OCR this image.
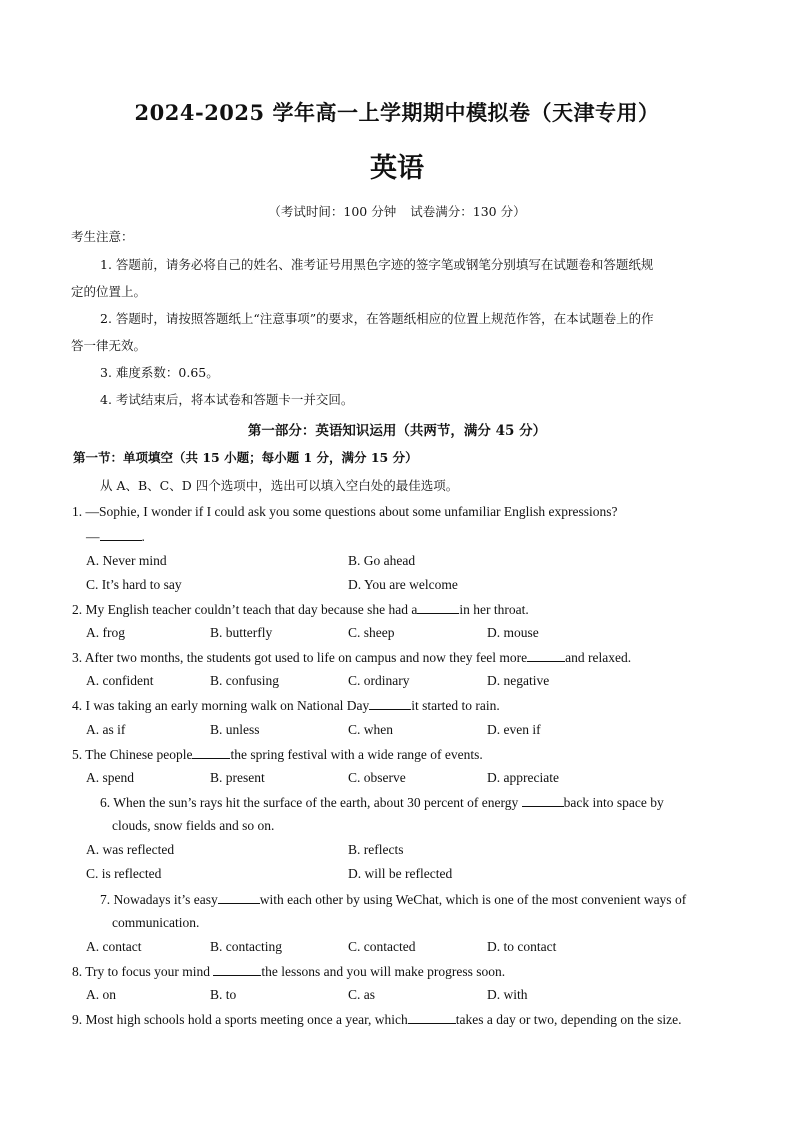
2024-2025 学年高一上学期期中模拟卷（天津专用）
英语
（考试时间：100 分钟 试卷满分：130 分）
考生注意：
1. 答题前，请务必将自己的姓名、准考证号用黑色字迹的签字笔或钢笔分别填写在试题卷和答题纸规
定的位置上。
2. 答题时，请按照答题纸上“注意事项”的要求，在答题纸相应的位置上规范作答，在本试题卷上的作
答一律无效。
3. 难度系数：0.65。
4. 考试结束后，将本试卷和答题卡一并交回。
第一部分：英语知识运用（共两节，满分 45 分）
第一节：单项填空（共 15 小题；每小题 1 分，满分 15 分）
从 A、B、C、D 四个选项中，选出可以填入空白处的最佳选项。
1. —Sophie, I wonder if I could ask you some questions about some unfamiliar English expressions?
—	.
A. Never mind	B. Go ahead
C. It’s hard to say	D. You are welcome
2. My English teacher couldn’t teach that day because she had a	in her throat.
A. frog	B. butterfly	C. sheep	D. mouse
3. After two months, the students got used to life on campus and now they feel more	and relaxed.
A. confident	B. confusing	C. ordinary	D. negative
4. I was taking an early morning walk on National Day	it started to rain.
A. as if	B. unless	C. when	D. even if
5. The Chinese people	the spring festival with a wide range of events.
A. spend	B. present	C. observe	D. appreciate
6. When the sun’s rays hit the surface of the earth, about 30 percent of energy	back into space by
clouds, snow fields and so on.
A. was reflected	B. reflects
C. is reflected	D. will be reflected
7. Nowadays it’s easy	with each other by using WeChat, which is one of the most convenient ways of
communication.
A. contact	B. contacting	C. contacted	D. to contact
8. Try to focus your mind	the lessons and you will make progress soon.
A. on	B. to	C. as	D. with
9. Most high schools hold a sports meeting once a year, which	takes a day or two, depending on the size.
